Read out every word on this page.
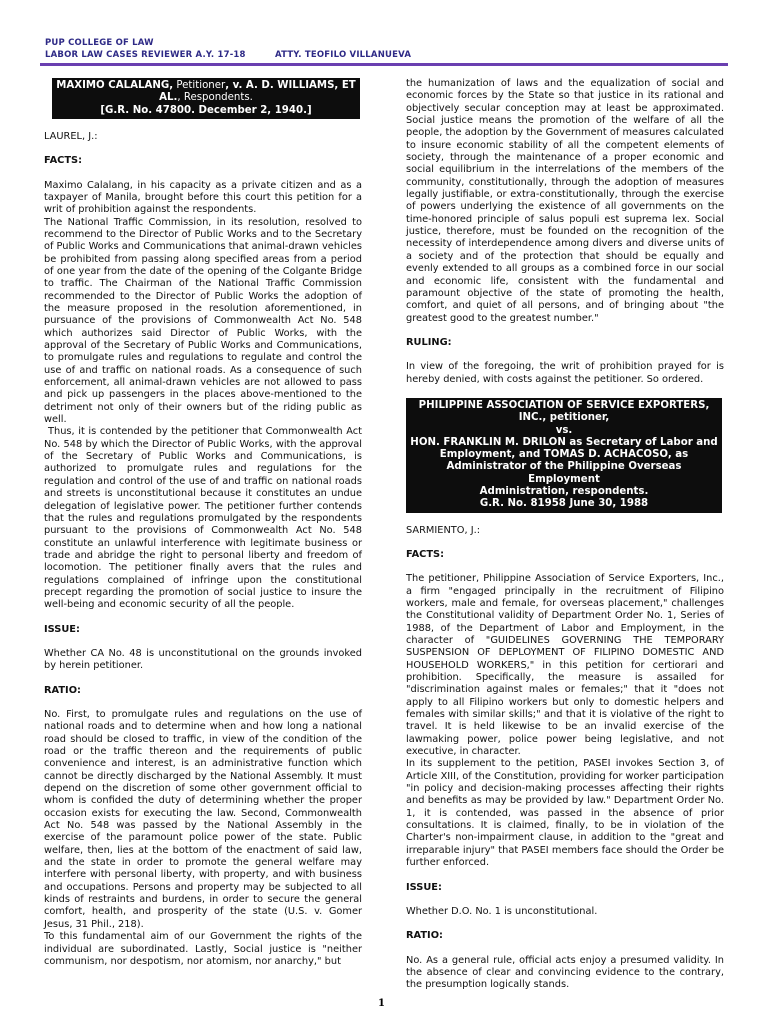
PUP COLLEGE OF LAW
LABOR LAW CASES REVIEWER A.Y. 17-18	ATTY. TEOFILO VILLANUEVA
MAXIMO CALALANG, Petitioner, v. A. D. WILLIAMS, ET AL., Respondents.
[G.R. No. 47800. December 2, 1940.]

LAUREL, J.:

FACTS:

Maximo Calalang, in his capacity as a private citizen and as a taxpayer of Manila, brought before this court this petition for a writ of prohibition against the respondents.

The National Traffic Commission, in its resolution, resolved to recommend to the Director of Public Works and to the Secretary of Public Works and Communications that animal-drawn vehicles be prohibited from passing along specified areas from a period of one year from the date of the opening of the Colgante Bridge to traffic. The Chairman of the National Traffic Commission recommended to the Director of Public Works the adoption of the measure proposed in the resolution aforementioned, in pursuance of the provisions of Commonwealth Act No. 548 which authorizes said Director of Public Works, with the approval of the Secretary of Public Works and Communications, to promulgate rules and regulations to regulate and control the use of and traffic on national roads. As a consequence of such enforcement, all animal-drawn vehicles are not allowed to pass and pick up passengers in the places above-mentioned to the detriment not only of their owners but of the riding public as well.

Thus, it is contended by the petitioner that Commonwealth Act No. 548 by which the Director of Public Works, with the approval of the Secretary of Public Works and Communications, is authorized to promulgate rules and regulations for the regulation and control of the use of and traffic on national roads and streets is unconstitutional because it constitutes an undue delegation of legislative power. The petitioner further contends that the rules and regulations promulgated by the respondents pursuant to the provisions of Commonwealth Act No. 548 constitute an unlawful interference with legitimate business or trade and abridge the right to personal liberty and freedom of locomotion. The petitioner finally avers that the rules and regulations complained of infringe upon the constitutional precept regarding the promotion of social justice to insure the well-being and economic security of all the people.

ISSUE:

Whether CA No. 48 is unconstitutional on the grounds invoked by herein petitioner.

RATIO:

No. First, to promulgate rules and regulations on the use of national roads and to determine when and how long a national road should be closed to traffic, in view of the condition of the road or the traffic thereon and the requirements of public convenience and interest, is an administrative function which cannot be directly discharged by the National Assembly. It must depend on the discretion of some other government official to whom is confided the duty of determining whether the proper occasion exists for executing the law. Second, Commonwealth Act No. 548 was passed by the National Assembly in the exercise of the paramount police power of the state. Public welfare, then, lies at the bottom of the enactment of said law, and the state in order to promote the general welfare may interfere with personal liberty, with property, and with business and occupations. Persons and property may be subjected to all kinds of restraints and burdens, in order to secure the general comfort, health, and prosperity of the state (U.S. v. Gomer Jesus, 31 Phil., 218).

To this fundamental aim of our Government the rights of the individual are subordinated. Lastly, Social justice is "neither communism, nor despotism, nor atomism, nor anarchy," but

the humanization of laws and the equalization of social and economic forces by the State so that justice in its rational and objectively secular conception may at least be approximated. Social justice means the promotion of the welfare of all the people, the adoption by the Government of measures calculated to insure economic stability of all the competent elements of society, through the maintenance of a proper economic and social equilibrium in the interrelations of the members of the community, constitutionally, through the adoption of measures legally justifiable, or extra-constitutionally, through the exercise of powers underlying the existence of all governments on the time-honored principle of salus populi est suprema lex. Social justice, therefore, must be founded on the recognition of the necessity of interdependence among divers and diverse units of a society and of the protection that should be equally and evenly extended to all groups as a combined force in our social and economic life, consistent with the fundamental and paramount objective of the state of promoting the health, comfort, and quiet of all persons, and of bringing about "the greatest good to the greatest number."

RULING:

In view of the foregoing, the writ of prohibition prayed for is hereby denied, with costs against the petitioner. So ordered.

PHILIPPINE ASSOCIATION OF SERVICE EXPORTERS,
INC., petitioner,
vs.
HON. FRANKLIN M. DRILON as Secretary of Labor and
Employment, and TOMAS D. ACHACOSO, as
Administrator of the Philippine Overseas Employment
Administration, respondents.
G.R. No. 81958 June 30, 1988

SARMIENTO, J.:

FACTS:

The petitioner, Philippine Association of Service Exporters, Inc., a firm "engaged principally in the recruitment of Filipino workers, male and female, for overseas placement," challenges the Constitutional validity of Department Order No. 1, Series of 1988, of the Department of Labor and Employment, in the character of "GUIDELINES GOVERNING THE TEMPORARY SUSPENSION OF DEPLOYMENT OF FILIPINO DOMESTIC AND HOUSEHOLD WORKERS," in this petition for certiorari and prohibition. Specifically, the measure is assailed for "discrimination against males or females;" that it "does not apply to all Filipino workers but only to domestic helpers and females with similar skills;" and that it is violative of the right to travel. It is held likewise to be an invalid exercise of the lawmaking power, police power being legislative, and not executive, in character.

In its supplement to the petition, PASEI invokes Section 3, of Article XIII, of the Constitution, providing for worker participation "in policy and decision-making processes affecting their rights and benefits as may be provided by law." Department Order No. 1, it is contended, was passed in the absence of prior consultations. It is claimed, finally, to be in violation of the Charter's non-impairment clause, in addition to the "great and irreparable injury" that PASEI members face should the Order be further enforced.

ISSUE:

Whether D.O. No. 1 is unconstitutional.

RATIO:

No. As a general rule, official acts enjoy a presumed validity. In the absence of clear and convincing evidence to the contrary, the presumption logically stands.

1
